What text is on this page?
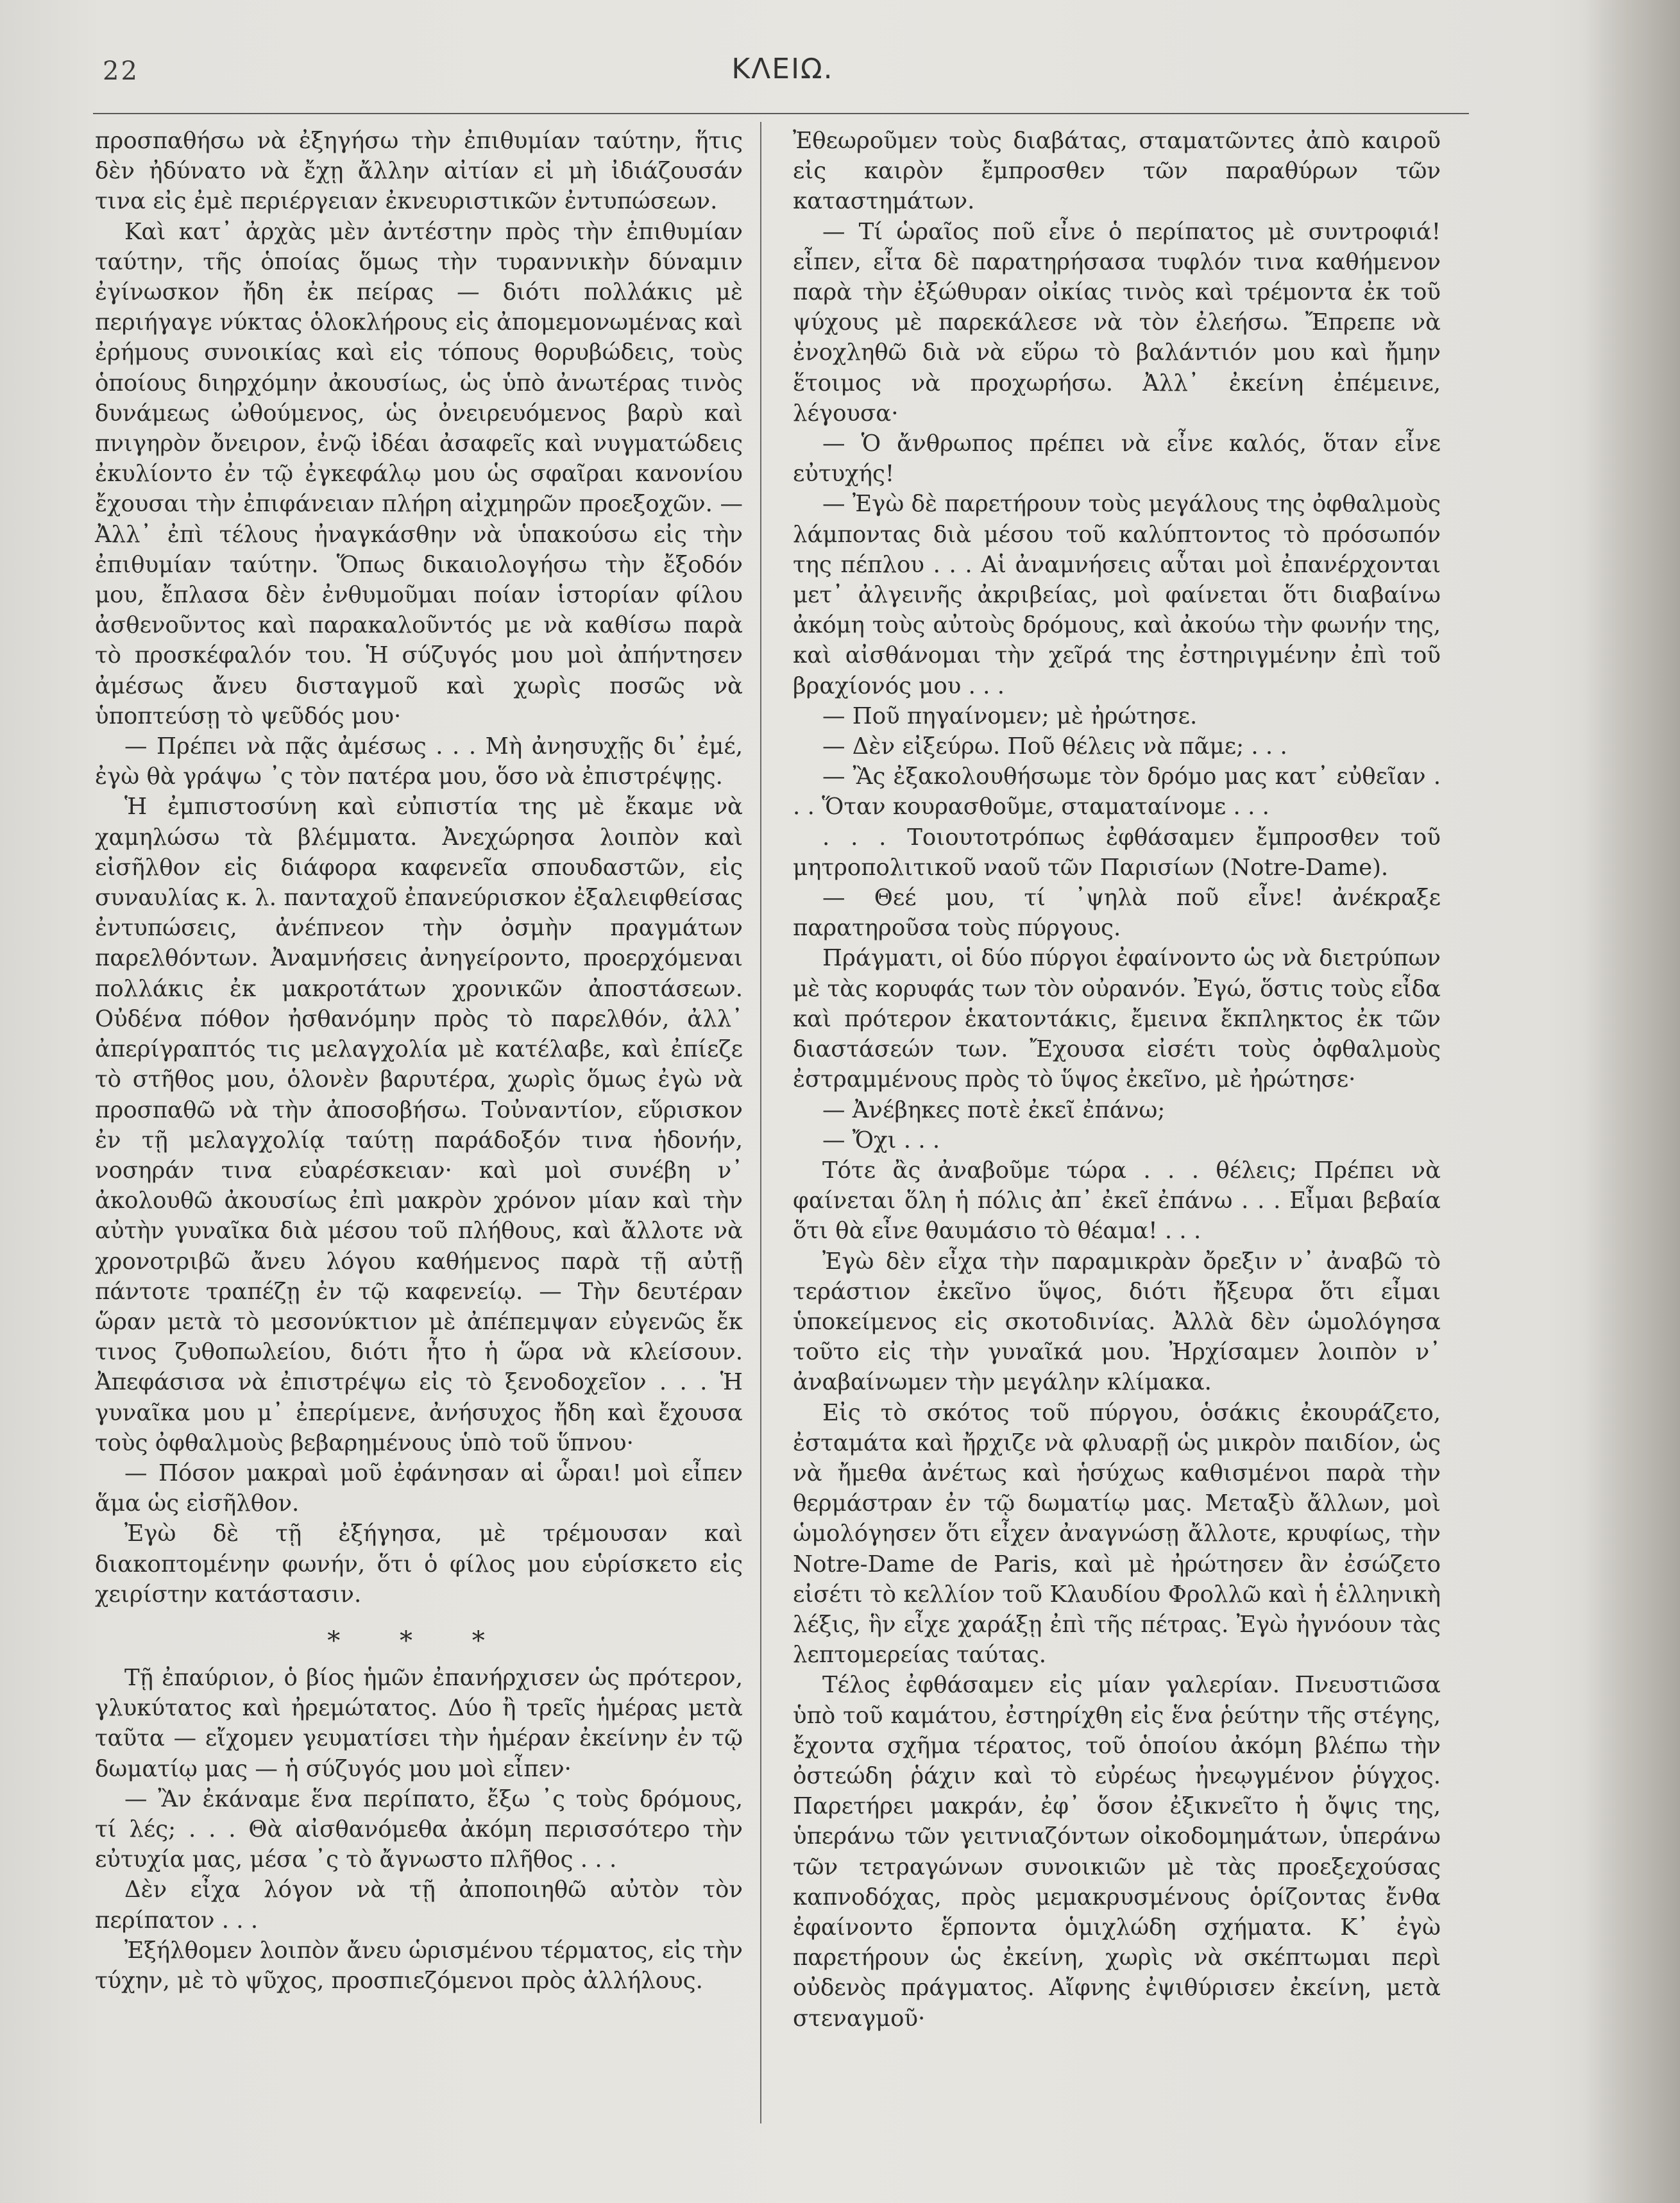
22	ΚΛΕΙΩ.

προσπαθήσω νὰ ἐξηγήσω τὴν ἐπιθυμίαν ταύτην, ἥτις δὲν ἠδύνατο νὰ ἔχῃ ἄλλην αἰτίαν εἰ μὴ ἰδιάζουσάν τινα εἰς ἐμὲ περιέργειαν ἐκνευριστικῶν ἐντυπώσεων.

Καὶ κατ᾽ ἀρχὰς μὲν ἀντέστην πρὸς τὴν ἐπιθυμίαν ταύτην, τῆς ὁποίας ὅμως τὴν τυραννικὴν δύναμιν ἐγίνωσκον ἤδη ἐκ πείρας — διότι πολλάκις μὲ περιήγαγε νύκτας ὁλοκλήρους εἰς ἀπομεμονωμένας καὶ ἐρήμους συνοικίας καὶ εἰς τόπους θορυβώδεις, τοὺς ὁποίους διηρχόμην ἀκουσίως, ὡς ὑπὸ ἀνωτέρας τινὸς δυνάμεως ὠθούμενος, ὡς ὀνειρευόμενος βαρὺ καὶ πνιγηρὸν ὄνειρον, ἐνῷ ἰδέαι ἀσαφεῖς καὶ νυγματώδεις ἐκυλίοντο ἐν τῷ ἐγκεφάλῳ μου ὡς σφαῖραι κανονίου ἔχουσαι τὴν ἐπιφάνειαν πλήρη αἰχμηρῶν προεξοχῶν. — Ἀλλ᾽ ἐπὶ τέλους ἠναγκάσθην νὰ ὑπακούσω εἰς τὴν ἐπιθυμίαν ταύτην. Ὅπως δικαιολογήσω τὴν ἔξοδόν μου, ἔπλασα δὲν ἐνθυμοῦμαι ποίαν ἱστορίαν φίλου ἀσθενοῦντος καὶ παρακαλοῦντός με νὰ καθίσω παρὰ τὸ προσκέφαλόν του. Ἡ σύζυγός μου μοὶ ἀπήντησεν ἀμέσως ἄνευ δισταγμοῦ καὶ χωρὶς ποσῶς νὰ ὑποπτεύσῃ τὸ ψεῦδός μου·

— Πρέπει νὰ πᾷς ἀμέσως . . . Μὴ ἀνησυχῇς δι᾽ ἐμέ, ἐγὼ θὰ γράψω ᾽ς τὸν πατέρα μου, ὅσο νὰ ἐπιστρέψῃς.

Ἡ ἐμπιστοσύνη καὶ εὐπιστία της μὲ ἔκαμε νὰ χαμηλώσω τὰ βλέμματα. Ἀνεχώρησα λοιπὸν καὶ εἰσῆλθον εἰς διάφορα καφενεῖα σπουδαστῶν, εἰς συναυλίας κ. λ. πανταχοῦ ἐπανεύρισκον ἐξαλειφθείσας ἐντυπώσεις, ἀνέπνεον τὴν ὀσμὴν πραγμάτων παρελθόντων. Ἀναμνήσεις ἀνηγείροντο, προερχόμεναι πολλάκις ἐκ μακροτάτων χρονικῶν ἀποστάσεων. Οὐδένα πόθον ἠσθανόμην πρὸς τὸ παρελθόν, ἀλλ᾽ ἀπερίγραπτός τις μελαγχολία μὲ κατέλαβε, καὶ ἐπίεζε τὸ στῆθος μου, ὁλονὲν βαρυτέρα, χωρὶς ὅμως ἐγὼ νὰ προσπαθῶ νὰ τὴν ἀποσοβήσω. Τοὐναντίον, εὕρισκον ἐν τῇ μελαγχολίᾳ ταύτῃ παράδοξόν τινα ἡδονήν, νοσηράν τινα εὐαρέσκειαν· καὶ μοὶ συνέβη ν᾽ ἀκολουθῶ ἀκουσίως ἐπὶ μακρὸν χρόνον μίαν καὶ τὴν αὐτὴν γυναῖκα διὰ μέσου τοῦ πλήθους, καὶ ἄλλοτε νὰ χρονοτριβῶ ἄνευ λόγου καθήμενος παρὰ τῇ αὐτῇ πάντοτε τραπέζῃ ἐν τῷ καφενείῳ. — Τὴν δευτέραν ὥραν μετὰ τὸ μεσονύκτιον μὲ ἀπέπεμψαν εὐγενῶς ἔκ τινος ζυθοπωλείου, διότι ἦτο ἡ ὥρα νὰ κλείσουν. Ἀπεφάσισα νὰ ἐπιστρέψω εἰς τὸ ξενοδοχεῖον . . . Ἡ γυναῖκα μου μ᾽ ἐπερίμενε, ἀνήσυχος ἤδη καὶ ἔχουσα τοὺς ὀφθαλμοὺς βεβαρημένους ὑπὸ τοῦ ὕπνου·

— Πόσον μακραὶ μοῦ ἐφάνησαν αἱ ὧραι! μοὶ εἶπεν ἅμα ὡς εἰσῆλθον.

Ἐγὼ δὲ τῇ ἐξήγησα, μὲ τρέμουσαν καὶ διακοπτομένην φωνήν, ὅτι ὁ φίλος μου εὑρίσκετο εἰς χειρίστην κατάστασιν.

* * *

Τῇ ἐπαύριον, ὁ βίος ἡμῶν ἐπανήρχισεν ὡς πρότερον, γλυκύτατος καὶ ἠρεμώτατος. Δύο ἢ τρεῖς ἡμέρας μετὰ ταῦτα — εἴχομεν γευματίσει τὴν ἡμέραν ἐκείνην ἐν τῷ δωματίῳ μας — ἡ σύζυγός μου μοὶ εἶπεν·

— Ἂν ἐκάναμε ἕνα περίπατο, ἔξω ᾽ς τοὺς δρόμους, τί λές; . . . Θὰ αἰσθανόμεθα ἀκόμη περισσότερο τὴν εὐτυχία μας, μέσα ᾽ς τὸ ἄγνωστο πλῆθος . . .

Δὲν εἶχα λόγον νὰ τῇ ἀποποιηθῶ αὐτὸν τὸν περίπατον . . .

Ἐξήλθομεν λοιπὸν ἄνευ ὡρισμένου τέρματος, εἰς τὴν τύχην, μὲ τὸ ψῦχος, προσπιεζόμενοι πρὸς ἀλλήλους.

Ἐθεωροῦμεν τοὺς διαβάτας, σταματῶντες ἀπὸ καιροῦ εἰς καιρὸν ἔμπροσθεν τῶν παραθύρων τῶν καταστημάτων.

— Τί ὡραῖος ποῦ εἶνε ὁ περίπατος μὲ συντροφιά! εἶπεν, εἶτα δὲ παρατηρήσασα τυφλόν τινα καθήμενον παρὰ τὴν ἐξώθυραν οἰκίας τινὸς καὶ τρέμοντα ἐκ τοῦ ψύχους μὲ παρεκάλεσε νὰ τὸν ἐλεήσω. Ἔπρεπε νὰ ἐνοχληθῶ διὰ νὰ εὕρω τὸ βαλάντιόν μου καὶ ἤμην ἕτοιμος νὰ προχωρήσω. Ἀλλ᾽ ἐκείνη ἐπέμεινε, λέγουσα·

— Ὁ ἄνθρωπος πρέπει νὰ εἶνε καλός, ὅταν εἶνε εὐτυχής!

— Ἐγὼ δὲ παρετήρουν τοὺς μεγάλους της ὀφθαλμοὺς λάμποντας διὰ μέσου τοῦ καλύπτοντος τὸ πρόσωπόν της πέπλου . . . Αἱ ἀναμνήσεις αὗται μοὶ ἐπανέρχονται μετ᾽ ἀλγεινῆς ἀκριβείας, μοὶ φαίνεται ὅτι διαβαίνω ἀκόμη τοὺς αὐτοὺς δρόμους, καὶ ἀκούω τὴν φωνήν της, καὶ αἰσθάνομαι τὴν χεῖρά της ἐστηριγμένην ἐπὶ τοῦ βραχίονός μου . . .

— Ποῦ πηγαίνομεν; μὲ ἠρώτησε.

— Δὲν εἰξεύρω. Ποῦ θέλεις νὰ πᾶμε; . . .

— Ἂς ἐξακολουθήσωμε τὸν δρόμο μας κατ᾽ εὐθεῖαν . . . Ὅταν κουρασθοῦμε, σταματαίνομε . . .

. . . Τοιουτοτρόπως ἐφθάσαμεν ἔμπροσθεν τοῦ μητροπολιτικοῦ ναοῦ τῶν Παρισίων (Notre-Dame).

— Θεέ μου, τί ᾽ψηλὰ ποῦ εἶνε! ἀνέκραξε παρατηροῦσα τοὺς πύργους.

Πράγματι, οἱ δύο πύργοι ἐφαίνοντο ὡς νὰ διετρύπων μὲ τὰς κορυφάς των τὸν οὐρανόν. Ἐγώ, ὅστις τοὺς εἶδα καὶ πρότερον ἑκατοντάκις, ἔμεινα ἔκπληκτος ἐκ τῶν διαστάσεών των. Ἔχουσα εἰσέτι τοὺς ὀφθαλμοὺς ἐστραμμένους πρὸς τὸ ὕψος ἐκεῖνο, μὲ ἠρώτησε·

— Ἀνέβηκες ποτὲ ἐκεῖ ἐπάνω;

— Ὄχι . . .

Τότε ἂς ἀναβοῦμε τώρα . . . θέλεις; Πρέπει νὰ φαίνεται ὅλη ἡ πόλις ἀπ᾽ ἐκεῖ ἐπάνω . . . Εἶμαι βεβαία ὅτι θὰ εἶνε θαυμάσιο τὸ θέαμα! . . .

Ἐγὼ δὲν εἶχα τὴν παραμικρὰν ὄρεξιν ν᾽ ἀναβῶ τὸ τεράστιον ἐκεῖνο ὕψος, διότι ἤξευρα ὅτι εἶμαι ὑποκείμενος εἰς σκοτοδινίας. Ἀλλὰ δὲν ὡμολόγησα τοῦτο εἰς τὴν γυναῖκά μου. Ἠρχίσαμεν λοιπὸν ν᾽ ἀναβαίνωμεν τὴν μεγάλην κλίμακα.

Εἰς τὸ σκότος τοῦ πύργου, ὁσάκις ἐκουράζετο, ἐσταμάτα καὶ ἤρχιζε νὰ φλυαρῇ ὡς μικρὸν παιδίον, ὡς νὰ ἤμεθα ἀνέτως καὶ ἡσύχως καθισμένοι παρὰ τὴν θερμάστραν ἐν τῷ δωματίῳ μας. Μεταξὺ ἄλλων, μοὶ ὡμολόγησεν ὅτι εἶχεν ἀναγνώσῃ ἄλλοτε, κρυφίως, τὴν Notre-Dame de Paris, καὶ μὲ ἠρώτησεν ἂν ἐσώζετο εἰσέτι τὸ κελλίον τοῦ Κλαυδίου Φρολλῶ καὶ ἡ ἑλληνικὴ λέξις, ἣν εἶχε χαράξῃ ἐπὶ τῆς πέτρας. Ἐγὼ ἠγνόουν τὰς λεπτομερείας ταύτας.

Τέλος ἐφθάσαμεν εἰς μίαν γαλερίαν. Πνευστιῶσα ὑπὸ τοῦ καμάτου, ἐστηρίχθη εἰς ἕνα ῥεύτην τῆς στέγης, ἔχοντα σχῆμα τέρατος, τοῦ ὁποίου ἀκόμη βλέπω τὴν ὀστεώδη ῥάχιν καὶ τὸ εὐρέως ἠνεῳγμένον ῥύγχος. Παρετήρει μακράν, ἐφ᾽ ὅσον ἐξικνεῖτο ἡ ὄψις της, ὑπεράνω τῶν γειτνιαζόντων οἰκοδομημάτων, ὑπεράνω τῶν τετραγώνων συνοικιῶν μὲ τὰς προεξεχούσας καπνοδόχας, πρὸς μεμακρυσμένους ὁρίζοντας ἔνθα ἐφαίνοντο ἕρποντα ὁμιχλώδη σχήματα. Κ᾽ ἐγὼ παρετήρουν ὡς ἐκείνη, χωρὶς νὰ σκέπτωμαι περὶ οὐδενὸς πράγματος. Αἴφνης ἐψιθύρισεν ἐκείνη, μετὰ στεναγμοῦ·
